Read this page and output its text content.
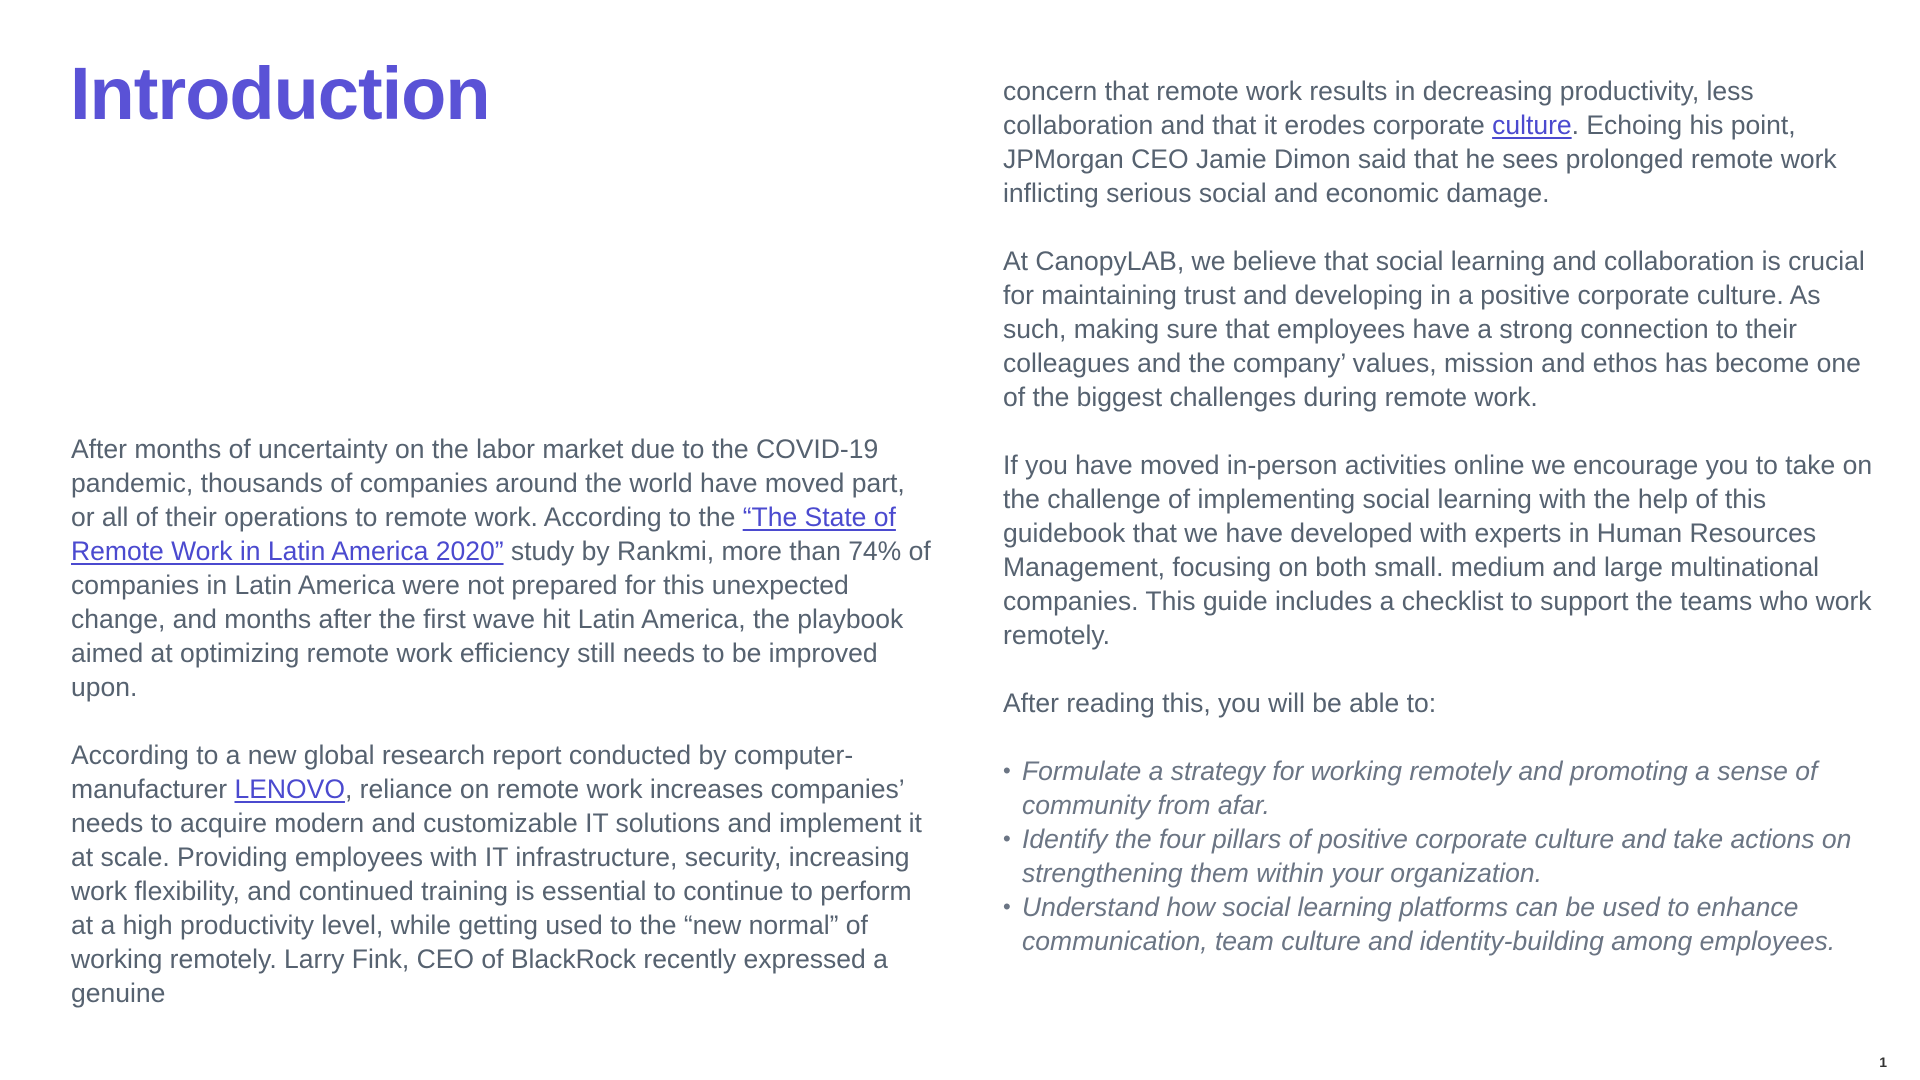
Introduction

After months of uncertainty on the labor market due to the COVID-19 pandemic, thousands of companies around the world have moved part, or all of their operations to remote work. According to the “The State of Remote Work in Latin America 2020” study by Rankmi, more than 74% of companies in Latin America were not prepared for this unexpected change, and months after the first wave hit Latin America, the playbook aimed at optimizing remote work efficiency still needs to be improved upon.

According to a new global research report conducted by computer-manufacturer LENOVO, reliance on remote work increases companies’ needs to acquire modern and customizable IT solutions and implement it at scale. Providing employees with IT infrastructure, security, increasing work flexibility, and continued training is essential to continue to perform at a high productivity level, while getting used to the “new normal” of working remotely. Larry Fink, CEO of BlackRock recently expressed a genuine

concern that remote work results in decreasing productivity, less collaboration and that it erodes corporate culture. Echoing his point, JPMorgan CEO Jamie Dimon said that he sees prolonged remote work inflicting serious social and economic damage.

At CanopyLAB, we believe that social learning and collaboration is crucial for maintaining trust and developing in a positive corporate culture. As such, making sure that employees have a strong connection to their colleagues and the company’ values, mission and ethos has become one of the biggest challenges during remote work.

If you have moved in-person activities online we encourage you to take on the challenge of implementing social learning with the help of this guidebook that we have developed with experts in Human Resources Management, focusing on both small. medium and large multinational companies. This guide includes a checklist to support the teams who work remotely.

After reading this, you will be able to:

• Formulate a strategy for working remotely and promoting a sense of community from afar.
• Identify the four pillars of positive corporate culture and take actions on strengthening them within your organization.
• Understand how social learning platforms can be used to enhance communication, team culture and identity-building among employees.
1
